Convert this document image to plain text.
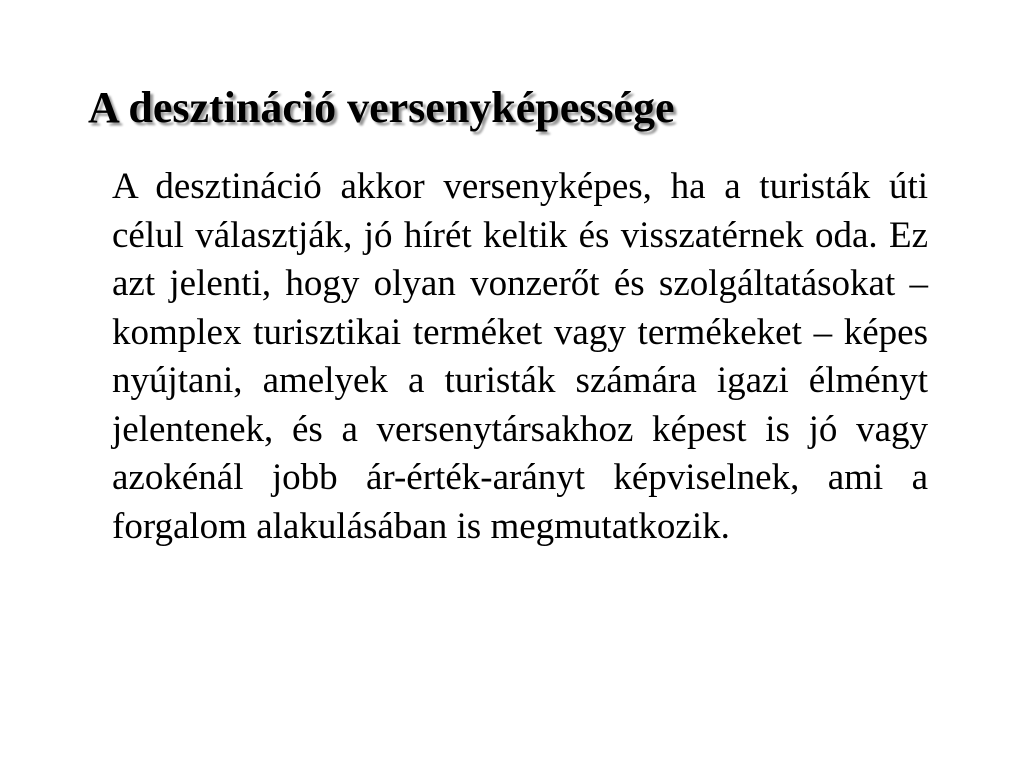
A desztináció versenyképessége

A desztináció akkor versenyképes, ha a turisták úti célul választják, jó hírét keltik és visszatérnek oda. Ez azt jelenti, hogy olyan vonzerőt és szolgáltatásokat – komplex turisztikai terméket vagy termékeket – képes nyújtani, amelyek a turisták számára igazi élményt jelentenek, és a versenytársakhoz képest is jó vagy azokénál jobb ár-érték-arányt képviselnek, ami a forgalom alakulásában is megmutatkozik.
